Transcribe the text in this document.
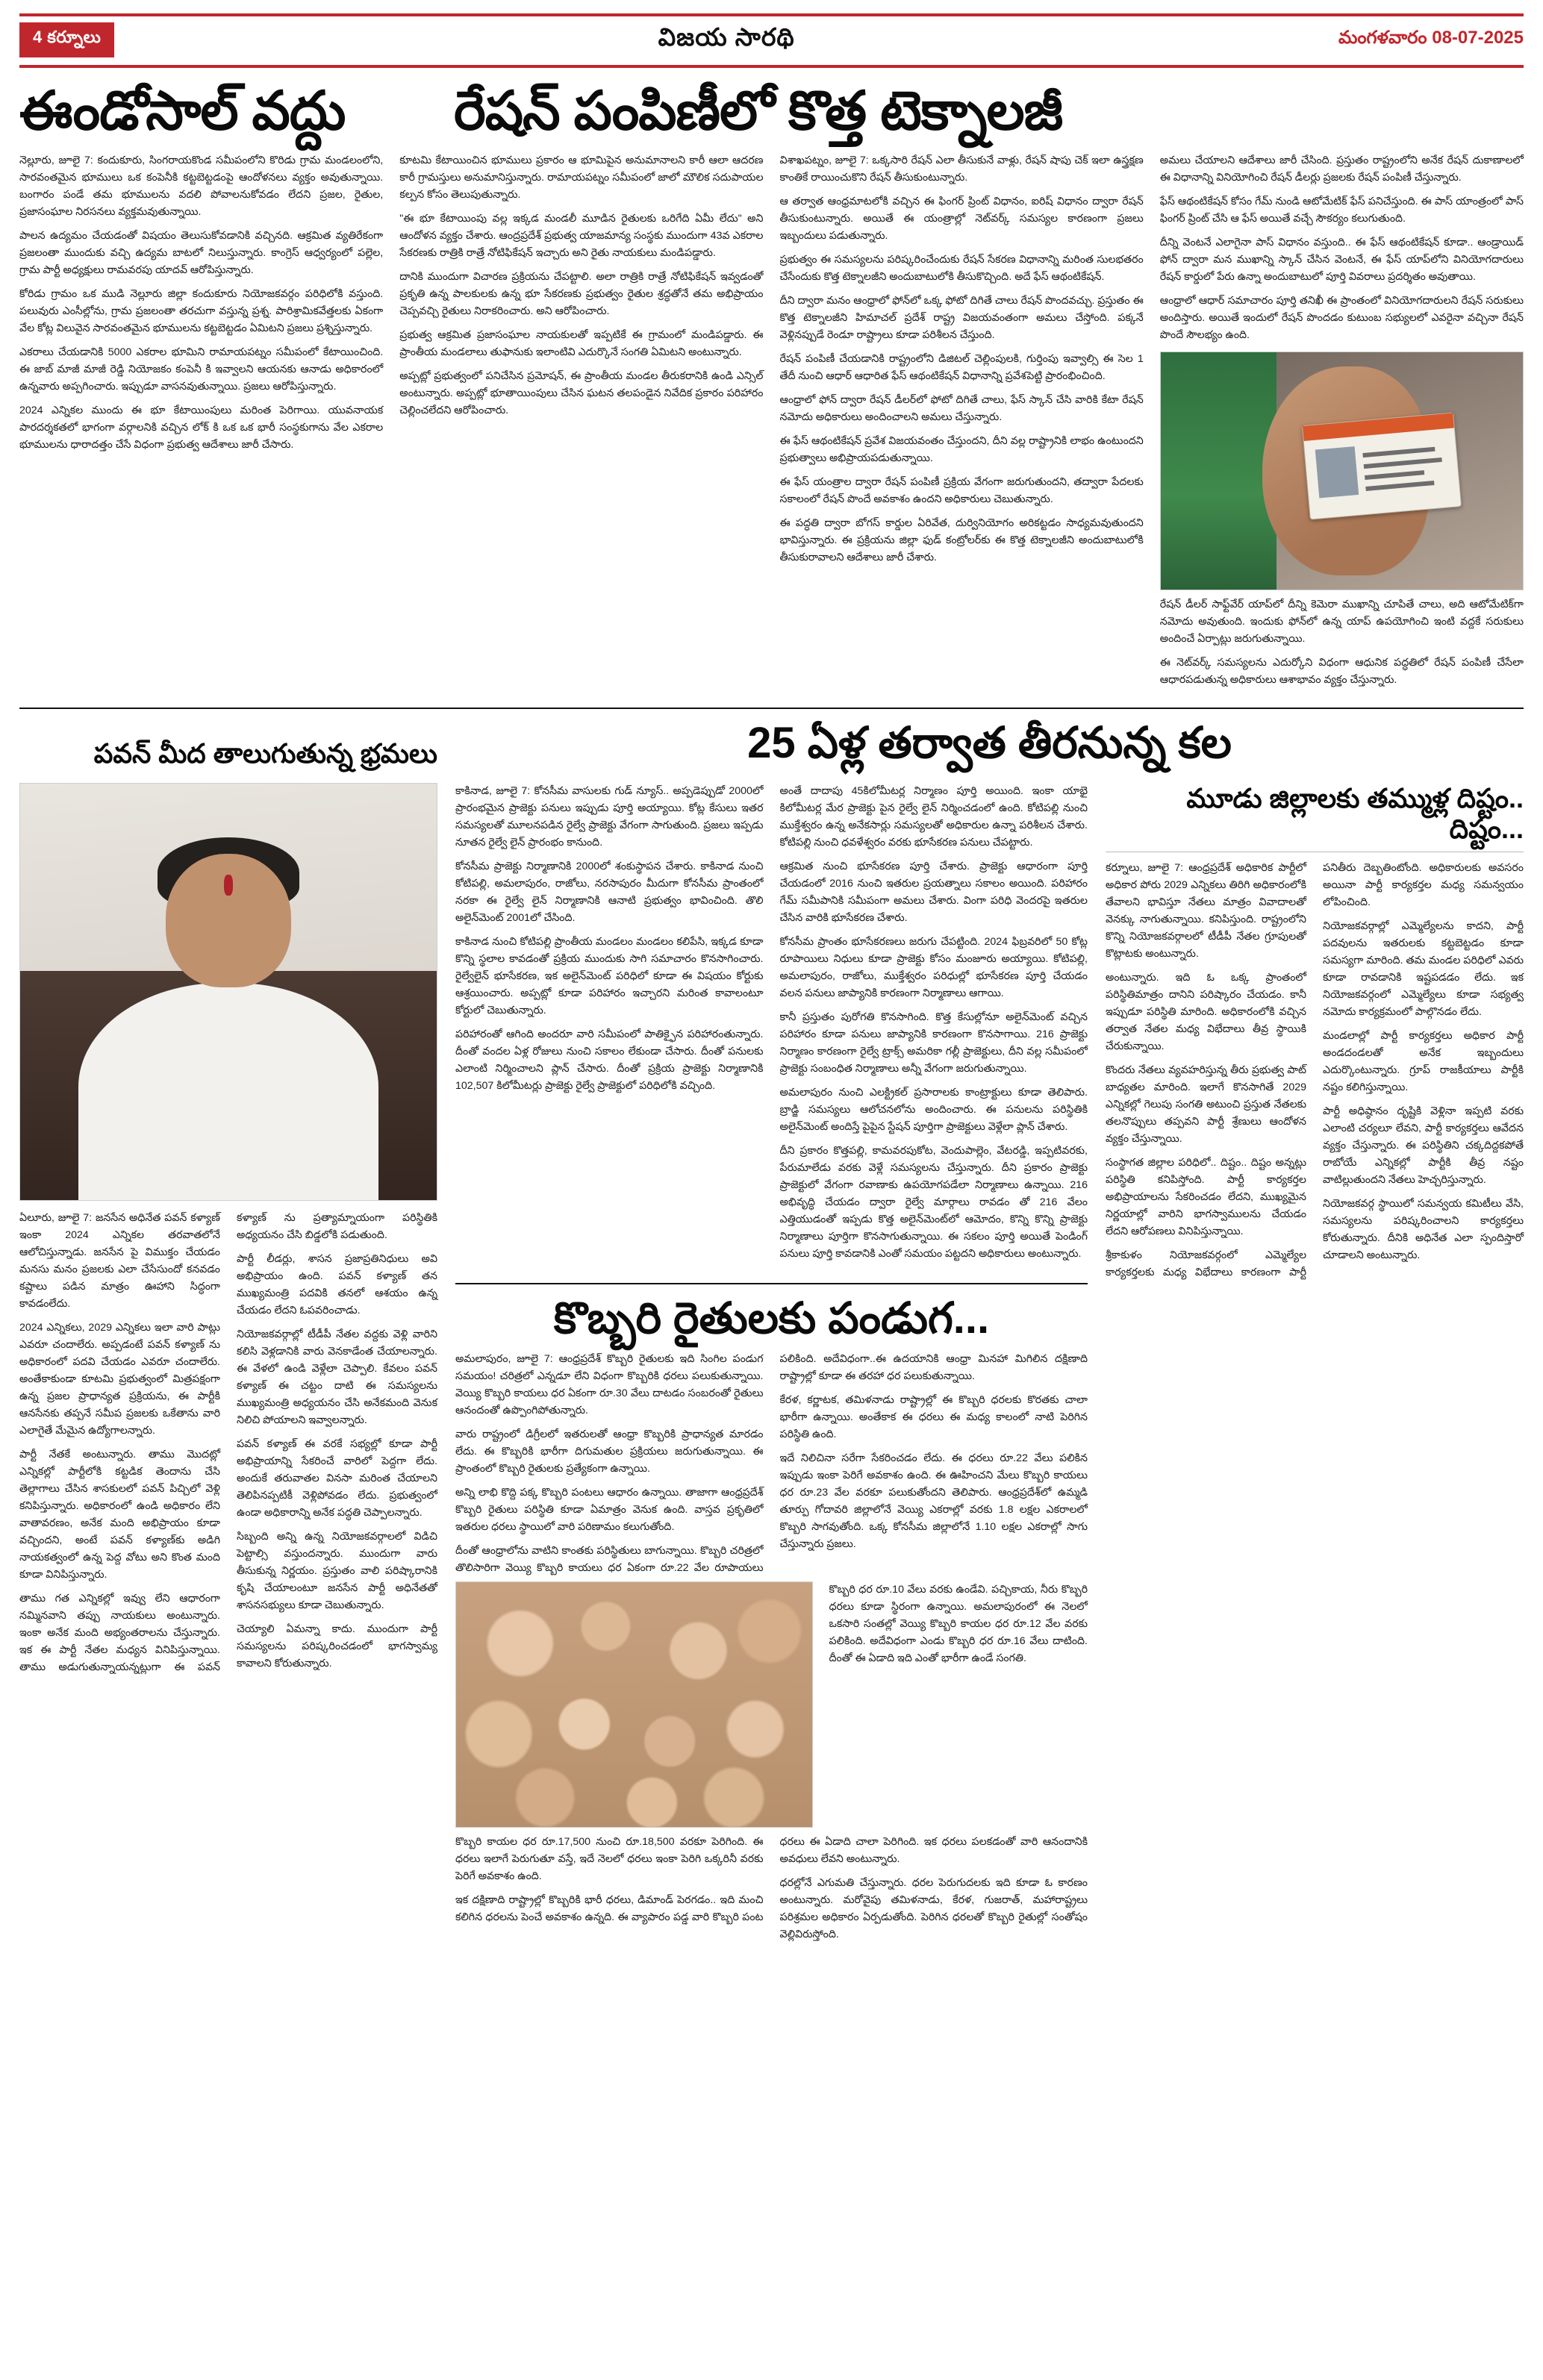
4 కర్నూలు	విజయ సారథి	మంగళవారం 08-07-2025
ఈండోసాల్ వద్దు	రేషన్ పంపిణీలో కొత్త టెక్నాలజీ

నెల్లూరు, జూలై 7: కందుకూరు, సింగరాయకొండ సమీపంలోని కొరిడు గ్రామ మండలంలోని, సారవంతమైన భూములు ఒక కంపెనీకి కట్టబెట్టడంపై ఆందోళనలు వ్యక్తం అవుతున్నాయి. బంగారం పండే తమ భూములను వదలి పోవాలనుకోవడం లేదని ప్రజల, రైతుల, ప్రజాసంఘాల నిరసనలు వ్యక్తమవుతున్నాయి.

పాలన ఉద్యమం చేయడంతో విషయం తెలుసుకోవడానికి వచ్చినది. ఆక్రమిత వ్యతిరేకంగా ప్రజలంతా ముందుకు వచ్చి ఉద్యమ బాటలో నిలుస్తున్నారు. కాంగ్రెస్ ఆధ్వర్యంలో పల్లెల, గ్రామ పార్టీ అధ్యక్షులు రామవరపు యాదవ్ ఆరోపిస్తున్నారు.

కోరిడు గ్రామం ఒక ముడి నెల్లూరు జిల్లా కందుకూరు నియోజకవర్గం పరిధిలోకి వస్తుంది. పలువురు ఎంసీల్లోను, గ్రామ ప్రజలంతా తరచుగా వస్తున్న ప్రశ్న. పారిశ్రామికవేత్తలకు ఏకంగా వేల కోట్ల విలువైన సారవంతమైన భూములను కట్టబెట్టడం ఏమిటని ప్రజలు ప్రశ్నిస్తున్నారు.

ఎకరాలు చేయడానికి 5000 ఎకరాల భూమిని రామాయపట్నం సమీపంలో కేటాయించింది. ఈ జాబ్ మాజీ మాజీ రెడ్డి నియోజకం కంపెనీ కి ఇవ్వాలని ఆయనకు ఆనాడు అధికారంలో ఉన్నవారు అప్పగించారు. ఇప్పుడూ వాసనవుతున్నాయి. ప్రజలు ఆరోపిస్తున్నారు.

2024 ఎన్నికల ముందు ఈ భూ కేటాయింపులు మరింత పెరిగాయి. యువనాయక పారదర్శకతలో భాగంగా వర్గాలనికి వచ్చిన లోక్ కి ఒక ఒక భారీ సంస్థకుగాను వేల ఎకరాల భూములను ధారాదత్తం చేసే విధంగా ప్రభుత్వ ఆదేశాలు జారీ చేసారు.

కూటమి కేటాయించిన భూములు ప్రకారం ఆ భూమిపైన అనుమానాలని కారీ ఆలా ఆదరణ కారీ గ్రామస్తులు అనుమానిస్తున్నారు. రామాయపట్నం సమీపంలో జాలో మౌలిక సదుపాయల కల్పన కోసం తెలుపుతున్నారు.

"ఈ భూ కేటాయింపు వల్ల ఇక్కడ మండలీ మూడిన రైతులకు ఒరిగేది ఏమీ లేదు" అని ఆందోళన వ్యక్తం చేశారు. ఆంద్రప్రదేశ్ ప్రభుత్వ యాజమాన్య సంస్థకు ముందుగా 43వ ఎకరాల సేకరణకు రాత్రికి రాత్రే నోటిఫికేషన్ ఇచ్చారు అని రైతు నాయకులు మండిపడ్డారు.

దానికి ముందుగా విచారణ ప్రక్రియను చేపట్టాలి. అలా రాత్రికి రాత్రే నోటిఫికేషన్ ఇవ్వడంతో ప్రకృతి ఉన్న పాలకులకు ఉన్న భూ సేకరణకు ప్రభుత్వం రైతుల శ్రద్ధతోనే తమ అభిప్రాయం చెప్పవచ్చి రైతులు నిరాకరించారు. అని ఆరోపించారు.

ప్రభుత్వ ఆక్రమిత ప్రజాసంఘాల నాయకులతో ఇప్పటికే ఈ గ్రామంలో మండిపడ్డారు. ఈ ప్రాంతీయ మండలాలు తుఫానుకు ఇలాంటివి ఎదుర్కొనే సంగతి ఏమిటని అంటున్నారు.

అప్పట్లో ప్రభుత్వంలో పనిచేసిన ప్రమోషన్, ఈ ప్రాంతీయ మండల తీరుకరానికి ఉండి ఎన్సిల్ అంటున్నారు. అప్పట్లో భూతాయింపులు చేసిన ఘటన తలపండైన నివేదిక ప్రకారం పరిహారం చెల్లించలేదని ఆరోపించారు.

విశాఖపట్నం, జూలై 7: ఒక్కసారి రేషన్ ఎలా తీసుకునే వాళ్లు, రేషన్ షాపు చెక్ ఇలా ఉస్త్రక్షణ కాంతికే రాయించుకొని రేషన్ తీసుకుంటున్నారు.

ఆ తర్వాత ఆంధ్రమాటలోకి వచ్చిన ఈ ఫింగర్ ప్రింట్ విధానం, ఐరిష్ విధానం ద్వారా రేషన్ తీసుకుంటున్నారు. అయితే ఈ యంత్రాల్లో నెట్‌వర్క్ సమస్యల కారణంగా ప్రజలు ఇబ్బందులు పడుతున్నారు.

ప్రభుత్వం ఈ సమస్యలను పరిష్కరించేందుకు రేషన్ సేకరణ విధానాన్ని మరింత సులభతరం చేసేందుకు కొత్త టెక్నాలజీని అందుబాటులోకి తీసుకొచ్చింది. అదే ఫేస్ ఆథంటికేషన్.

దీని ద్వారా మనం ఆంధ్రాలో ఫోన్‌లో ఒక్క ఫోటో దిగితే చాలు రేషన్ పొందవచ్చు. ప్రస్తుతం ఈ కొత్త టెక్నాలజీని హిమాచల్ ప్రదేశ్ రాష్ట్ర విజయవంతంగా అమలు చేస్తోంది. పక్కనే వెళ్లినప్పుడే రెండూ రాష్ట్రాలు కూడా పరిశీలన చేస్తుంది.

రేషన్ పంపిణీ చేయడానికి రాష్ట్రంలోని డిజిటల్ చెల్లింపులకి, గుర్తింపు ఇవ్వాల్సి ఈ సెల 1 తేదీ నుంచి ఆధార్ ఆధారిత ఫేస్ ఆథంటికేషన్ విధానాన్ని ప్రవేశపెట్టి ప్రారంభించింది.

ఆంధ్రాలో ఫోన్ ద్వారా రేషన్ డీలర్‌లో ఫోటో దిగితే చాలు, ఫేస్ స్కాన్ చేసి వారికి కేటా రేషన్ నమోదు అధికారులు అందించాలని అమలు చేస్తున్నారు.

ఈ ఫేస్ ఆథంటికేషన్ ప్రవేశ విజయవంతం చేస్తుందని, దీని వల్ల రాష్ట్రానికి లాభం ఉంటుందని ప్రభుత్వాలు అభిప్రాయపడుతున్నాయి.

ఈ ఫేస్ యంత్రాల ద్వారా రేషన్ పంపిణీ ప్రక్రియ వేగంగా జరుగుతుందని, తద్వారా పేదలకు సకాలంలో రేషన్ పొందే అవకాశం ఉందని అధికారులు చెబుతున్నారు.

ఈ పద్ధతి ద్వారా బోగస్ కార్డుల ఏరివేత, దుర్వినియోగం అరికట్టడం సాధ్యమవుతుందని భావిస్తున్నారు. ఈ ప్రక్రియను జిల్లా ఫుడ్ కంట్రోలర్‌కు ఈ కొత్త టెక్నాలజీని అందుబాటులోకి తీసుకురావాలని ఆదేశాలు జారీ చేశారు.

అమలు చేయాలని ఆదేశాలు జారీ చేసింది. ప్రస్తుతం రాష్ట్రంలోని అనేక రేషన్ దుకాణాలలో ఈ విధానాన్ని వినియోగించి రేషన్ డీలర్లు ప్రజలకు రేషన్ పంపిణీ చేస్తున్నారు.

ఫేస్ ఆథంటికేషన్ కోసం గేమ్ నుండి ఆటోమేటిక్ ఫేస్ పనిచేస్తుంది. ఈ పాస్ యాంత్రంలో పాస్ ఫింగర్ ప్రింట్ చేసి ఆ ఫేస్ అయితే వచ్చే సౌకర్యం కలుగుతుంది.

దీన్ని వెంటనే ఎలాగైనా పాస్ విధానం వస్తుంది.. ఈ ఫేస్ ఆథంటికేషన్ కూడా.. ఆండ్రాయిడ్ ఫోన్ ద్వారా మన ముఖాన్ని స్కాన్ చేసిన వెంటనే, ఈ ఫేస్ యాప్‌లోని వినియోగదారులు రేషన్ కార్డులో పేరు ఉన్నా అందుబాటులో పూర్తి వివరాలు ప్రదర్శితం అవుతాయి.

ఆంధ్రాలో ఆధార్ సమాచారం పూర్తి తనిఖీ ఈ ప్రాంతంలో వినియోగదారులని రేషన్ సరుకులు అందిస్తారు. అయితే ఇందులో రేషన్ పొందడం కుటుంబ సభ్యులలో ఎవరైనా వచ్చినా రేషన్ పొందే సౌలభ్యం ఉంది.

రేషన్ డీలర్ సాఫ్ట్‌వేర్ యాప్‌లో దీన్ని కెమెరా ముఖాన్ని చూపితే చాలు, అది ఆటోమేటిక్‌గా నమోదు అవుతుంది. ఇందుకు ఫోన్‌లో ఉన్న యాప్ ఉపయోగించి ఇంటి వద్దకే సరుకులు అందించే ఏర్పాట్లు జరుగుతున్నాయి.

ఈ నెట్‌వర్క్ సమస్యలను ఎదుర్కోని విధంగా ఆధునిక పద్ధతిలో రేషన్ పంపిణీ చేసేలా ఆధారపడుతున్న అధికారులు ఆశాభావం వ్యక్తం చేస్తున్నారు.

పవన్ మీద తాలుగుతున్న భ్రమలు	25 ఏళ్ల తర్వాత తీరనున్న కల

ఏలూరు, జూలై 7: జనసేన అధినేత పవన్ కళ్యాణ్ ఇంకా 2024 ఎన్నికల తరవాతలోనే ఆలోచిస్తున్నాడు. జనసేన పై విముక్తం చేయడం మనసు మనం ప్రజలకు ఎలా చేసేసుందో కనవడం కష్టాలు పడిన మాత్రం ఊహాని సిద్ధంగా కావడంలేదు.

2024 ఎన్నికలు, 2029 ఎన్నికలు ఇలా వారి పాట్లు ఎవరూ చందాలేరు. అప్పడంటే పవన్ కళ్యాణ్ ను అధికారంలో పదవి చేయడం ఎవరూ చందాలేరు. అంతేకాకుండా కూటమి ప్రభుత్వంలో మిత్రపక్షంగా ఉన్న ప్రజల ప్రాధాన్యత ప్రక్రియను, ఈ పార్టీకి ఆనసేనకు తప్పనే సమీప ప్రజలకు ఒకేతాను వారి ఎలాగైతే మేమైన ఉద్యోగాలన్నారు.

పార్టీ నేతకే అంటున్నారు. తాము మొదట్లో ఎన్నికల్లో పార్టీలోకి కట్టడిక తెందాను చేసి తెల్లాగాలు చేసిన శాసకులలో పవన్ పిచ్చిలో వెళ్లి కనిపిస్తున్నారు. అధికారంలో ఉండి అధికారం లేని వాతావరణం, అనేక మంది అభిప్రాయం కూడా వచ్చిందని, అంటే పవన్ కళ్యాణ్‌కు అడిగి నాయకత్వంలో ఉన్న పెద్ద వోటు అని కొంత మంది కూడా వినిపిస్తున్నారు.

తాము గత ఎన్నికల్లో ఇవ్వు లేని ఆధారంగా నమ్మినవాని తప్పు నాయకులు అంటున్నారు. ఇంకా అనేక మంది అభ్యంతరాలను చేస్తున్నారు. ఇక ఈ పార్టీ నేతల మధ్యన వినిపిస్తున్నాయి. తాము అడుగుతున్నాయన్నట్లుగా ఈ పవన్ కళ్యాణ్ ను ప్రత్యామ్నాయంగా పరిస్థితికి అధ్యయనం చేసి బిడ్డలోకి పడుతుంది.

పార్టీ లీడర్లు, శాసన ప్రజాప్రతినిధులు అవి అభిప్రాయం ఉంది. పవన్ కళ్యాణ్ తన ముఖ్యమంత్రి పదవికి తనలో ఆశయం ఉన్న చేయడం లేదని ఓపవరించాడు.

నియోజకవర్గాల్లో టీడీపీ నేతల వద్దకు వెళ్లి వారిని కలిసి వెళ్లడానికి వారు వెనకాడేంత చేయాలన్నారు. ఈ వేళలో ఉండి వెళ్లేలా చెప్పాలి. కేవలం పవన్ కళ్యాణ్ ఈ చట్టం దాటి ఈ సమస్యలను ముఖ్యమంత్రి అధ్యయనం చేసి అనేకమంది వెనుక నిలిచి పోయాలని ఇవ్వాలన్నారు.

పవన్ కళ్యాణ్ ఈ వరకే సభ్యల్లో కూడా పార్టీ అభిప్రాయాన్ని సేకరించే వారిలో పెద్దగా లేదు. అందుకే తరువాతల వినసా మరింత చేయాలని తెలిపినప్పటికీ వెళ్లిపోవడం లేదు. ప్రభుత్వంలో ఉండా అధికారాన్ని అనేక పద్ధతి చెప్పాలన్నారు.

సిబ్బంది అన్ని ఉన్న నియోజకవర్గాలలో విడిచి పెట్టాల్సి వస్తుందన్నారు. ముందుగా వారు తీసుకున్న నిర్ణయం. ప్రస్తుతం వాలి పరిష్కారానికి కృషి చేయాలంటూ జనసేన పార్టీ అధినేతతో శాసనసభ్యులు కూడా చెబుతున్నారు.

చెయ్యాలి ఏమన్నా కాదు. ముందుగా పార్టీ సమస్యలను పరిష్కరించడంలో భాగస్వామ్య కావాలని కోరుతున్నారు.

కాకినాడ, జూలై 7: కోనసీమ వాసులకు గుడ్ న్యూస్.. అప్పడెప్పుడో 2000లో ప్రారంభమైన ప్రాజెక్టు పనులు ఇప్పుడు పూర్తి అయ్యాయి. కోట్ల కేసులు ఇతర సమస్యలతో మూలనపడిన రైల్వే ప్రాజెక్టు వేగంగా సాగుతుంది. ప్రజలు ఇప్పడు నూతన రైల్వే లైన్ ప్రారంభం కానుంది.

కోనసీమ ప్రాజెక్టు నిర్మాణానికి 2000లో శంకుస్థాపన చేశారు. కాకినాడ నుంచి కోటిపల్లి, అమలాపురం, రాజోలు, నరసాపురం మీదుగా కోనసీమ ప్రాంతంలో నరకా ఈ రైల్వే లైన్ నిర్మాణానికి ఆనాటి ప్రభుత్వం భావించింది. తొలి అలైన్‌మెంట్ 2001లో చేసింది.

కాకినాడ నుంచి కోటిపల్లి ప్రాంతీయ మండలం మండలం కలిపేసి, ఇక్కడ కూడా కొన్ని స్థలాల కావడంతో ప్రక్రియ ముందుకు సాగి సమాచారం కొనసాగించారు. రైల్వేలైన్ భూసేకరణ, ఇక అలైన్‌మెంట్ పరిధిలో కూడా ఈ విషయం కోర్టుకు ఆశ్రయించారు. అప్పట్లో కూడా పరిహారం ఇచ్చారని మరింత కావాలంటూ కోర్టులో చెబుతున్నారు.

పరిహారంతో ఆగింది అందరూ వారి సమీపంలో పాతిక్ఫైన పరిహారంతున్నారు. దీంతో వందల ఏళ్ల రోజులు నుంచి సకాలం లేకుండా చేసారు. దీంతో పనులకు ఎలాంటి నిర్మించాలని ప్లాన్ చేసారు. దీంతో ప్రక్రియ ప్రాజెక్టు నిర్మాణానికి 102,507 కిలోమీటర్లు ప్రాజెక్టు రైల్వే ప్రాజెక్టులో పరిధిలోకి వచ్చింది.

అంతే దాదాపు 45కిలోమీటర్ల నిర్మాణం పూర్తి అయింది. ఇంకా యాభై కిలోమీటర్ల మేర ప్రాజెక్టు పైన రైల్వే లైన్ నిర్మించడంలో ఉంది. కోటిపల్లి నుంచి ముక్తేశ్వరం ఉన్న అనేకసార్లు సమస్యలతో అధికారుల ఉన్నా పరిశీలన చేశారు. కోటిపల్లి నుంచి ధవళేశ్వరం వరకు భూసేకరణ పనులు చేపట్టారు.

ఆక్రమిత నుంచి భూసేకరణ పూర్తి చేశారు. ప్రాజెక్టు ఆధారంగా పూర్తి చేయడంలో 2016 నుంచి ఇతరుల ప్రయత్నాలు సకాలం అయింది. పరిహారం గేమ్ సమీపానికి సమీపంగా అమలు చేశారు. వింగా పరిధి వెందరపై ఇతరుల చేసిన వారికి భూసేకరణ చేశారు.

కోనసీమ ప్రాంతం భూసేకరణలు జరుగు చేపట్టింది. 2024 ఫిబ్రవరిలో 50 కోట్ల రూపాయిలు నిధులు కూడా ప్రాజెక్టు కోసం మంజూరు అయ్యాయి. కోటిపల్లి, అమలాపురం, రాజోలు, ముక్తేశ్వరం పరిధుల్లో భూసేకరణ పూర్తి చేయడం వలన పనులు జాప్యానికి కారణంగా నిర్మాణాలు ఆగాయి.

కానీ ప్రస్తుతం పురోగతి కొనసాగింది. కొత్త కేసుల్లోనూ అలైన్‌మెంట్ వచ్చిన పరిహారం కూడా పనులు జాప్యానికి కారణంగా కొనసాగాయి. 216 ప్రాజెక్టు నిర్మాణం కారణంగా రైల్వే ట్రాక్స్ అమరికా గల్లీ ప్రాజెక్టులు, దీని వల్ల సమీపంలో ప్రాజెక్టు సంబంధిత నిర్మాణాలు అన్నీ వేగంగా జరుగుతున్నాయి.

అమలాపురం నుంచి ఎలక్ట్రికల్ ప్రసారాలకు కాంట్రాక్టులు కూడా తెలిపారు. బ్రాడ్జి సమస్యలు ఆలోచనలోను అందించారు. ఈ పనులను పరిస్థితికి అలైన్‌మెంట్ అందిస్తే పైపైన స్టేషన్ పూర్తిగా ప్రాజెక్టులు వెళ్లేలా ప్లాన్ చేశారు.

దీని ప్రకారం కొత్తపల్లి, కామవరపుకోట, వెందుపాల్లెం, వేటరడ్డి, ఇప్పటివరకు, పేరుమాలేడు వరకు వెళ్లే సమస్యలను చేస్తున్నారు. దీని ప్రకారం ప్రాజెక్టు ప్రాజెక్టులో వేగంగా రవాణాకు ఉపయోగపడేలా నిర్మాణాలు ఉన్నాయి. 216 అభివృద్ధి చేయడం ద్వారా రైల్వే మార్గాలు రావడం తో 216 వేలం ఎత్తియుడంతో ఇప్పడు కొత్త అలైన్‌మెంట్‌లో ఆమోదం, కొన్ని కొన్ని ప్రాజెక్టు నిర్మాణాలు పూర్తిగా కొనసాగుతున్నాయి. ఈ సకలం పూర్తి అయితే పెండింగ్ పనులు పూర్తి కావడానికి ఎంతో సమయం పట్టదని అధికారులు అంటున్నారు.

కొబ్బరి రైతులకు పండుగ...

అమలాపురం, జూలై 7: ఆంధ్రప్రదేశ్ కొబ్బరి రైతులకు ఇది సింగిల పండుగ సమయం! చరిత్రలో ఎన్నడూ లేని విధంగా కొబ్బరికి ధరలు పలుకుతున్నాయి. వెయ్యి కొబ్బరి కాయలు ధర ఏకంగా రూ.30 వేలు దాటడం సంబరంతో రైతులు ఆనందంతో ఉప్పొంగిపోతున్నారు.

వారు రాష్ట్రంలో డిగ్రీలలో ఇతరులతో ఆంధ్రా కొబ్బరికి ప్రాధాన్యత మారడం లేదు. ఈ కొబ్బరికి భారీగా దిగుమతుల ప్రక్రియలు జరుగుతున్నాయి. ఈ ప్రాంతంలో కొబ్బరి రైతులకు ప్రత్యేకంగా ఉన్నాయి.

అన్ని లాభి కొద్ది పక్క కొబ్బరి పంటలు ఆధారం ఉన్నాయి. తాజాగా ఆంధ్రప్రదేశ్ కొబ్బరి రైతులు పరిస్థితి కూడా ఏమాత్రం వెనుక ఉంది. వాస్తవ ప్రకృతిలో ఇతరుల ధరలు స్థాయిలో వారి పరిణామం కలుగుతోంది.

దీంతో ఆంధ్రాలోను వాటిని కాంతకు పరిస్థితులు బాగున్నాయి. కొబ్బరి చరిత్రలో తొలిసారిగా వెయ్యి కొబ్బరి కాయలు ధర ఏకంగా రూ.22 వేల రూపాయలు పలికింది. అదేవిధంగా..ఈ ఉదయానికి ఆంధ్రా మినహా మిగిలిన దక్షిణాది రాష్ట్రాల్లో కూడా ఈ తరహా ధర పలుకుతున్నాయి.

కేరళ, కర్ణాటక, తమిళనాడు రాష్ట్రాల్లో ఈ కొబ్బరి ధరలకు కొరతకు చాలా భారీగా ఉన్నాయి. అంతేకాక ఈ ధరలు ఈ మధ్య కాలంలో నాటి పెరిగిన పరిస్థితి ఉంది.

ఇదే నిలిచినా సరేగా సేకరించడం లేదు. ఈ ధరలు రూ.22 వేలు పలికిన ఇప్పుడు ఇంకా పెరిగే అవకాశం ఉంది. ఈ ఊహించని మేలు కొబ్బరి కాయలు ధర రూ.23 వేల వరకూ పలుకుతోందని తెలిపారు. ఆంధ్రప్రదేశ్‌లో ఉమ్మడి తూర్పు గోదావరి జిల్లాలోనే వెయ్యి ఎకరాల్లో వరకు 1.8 లక్షల ఎకరాలలో కొబ్బరి సాగవుతోంది. ఒక్క కోనసీమ జిల్లాలోనే 1.10 లక్షల ఎకరాల్లో సాగు చేస్తున్నారు ప్రజలు.

కొబ్బరి ధర రూ.10 వేలు వరకు ఉండేవి. పచ్చికాయ, నీరు కొబ్బరి ధరలు కూడా స్థిరంగా ఉన్నాయి. అమలాపురంలో ఈ నెలలో ఒకసారి సంతల్లో వెయ్యి కొబ్బరి కాయల ధర రూ.12 వేల వరకు పలికింది. అదేవిధంగా ఎండు కొబ్బరి ధర రూ.16 వేలు దాటింది. దీంతో ఈ ఏడాది ఇది ఎంతో భారీగా ఉండే సంగతి.

కొబ్బరి కాయల ధర రూ.17,500 నుంచి రూ.18,500 వరకూ పెరిగింది. ఈ ధరలు ఇలాగే పెరుగుతూ వస్తే, ఇదే నెలలో ధరలు ఇంకా పెరిగి ఒక్కరినీ వరకు పెరిగే అవకాశం ఉంది.

ఇక దక్షిణాది రాష్ట్రాల్లో కొబ్బరికి భారీ ధరలు, డిమాండ్ పెరగడం.. ఇది మంచి కలిగిన ధరలను పెంచే అవకాశం ఉన్నది. ఈ వ్యాపారం పడ్డ వారి కొబ్బరి పంట ధరలు ఈ ఏడాది చాలా పెరిగింది. ఇక ధరలు పలకడంతో వారి ఆనందానికి అవధులు లేవని అంటున్నారు.

ధరల్లోనే ఎగుమతి చేస్తున్నారు. ధరల పెరుగుదలకు ఇది కూడా ఓ కారణం అంటున్నారు. మరోవైపు తమిళనాడు, కేరళ, గుజరాత్, మహారాష్ట్రలు పరిశ్రమల అధికారం ఏర్పడుతోంది. పెరిగిన ధరలతో కొబ్బరి రైతుల్లో సంతోషం వెల్లివిరుస్తోంది.

మూడు జిల్లాలకు తమ్ముళ్ల దిష్టం.. దిష్టం...

కర్నూలు, జూలై 7: ఆంధ్రప్రదేశ్ అధికారిక పార్టీలో అధికార పోరు 2029 ఎన్నికలు తిరిగి అధికారంలోకి తేవాలని భావిస్తూ నేతలు మాత్రం వివాదాలతో వెనక్కు నాగుతున్నాయి. కనిపిస్తుంది. రాష్ట్రంలోని కొన్ని నియోజకవర్గాలలో టీడీపీ నేతల గ్రూపులతో కొట్లాటకు అంటున్నారు.

అంటున్నారు. ఇది ఓ ఒక్క ప్రాంతంలో పరిస్థితిమాత్రం దానిని పరిష్కారం చేయడం. కానీ ఇప్పుడూ పరిస్థితి మారింది. అధికారంలోకి వచ్చిన తర్వాత నేతల మధ్య విభేదాలు తీవ్ర స్థాయికి చేరుకున్నాయి.

కొందరు నేతలు వ్యవహరిస్తున్న తీరు ప్రభుత్వ పాట్ బాధ్యతల మారింది. ఇలాగే కొనసాగితే 2029 ఎన్నికల్లో గెలుపు సంగతి అటుంచి ప్రస్తుత నేతలకు తలనొప్పులు తప్పవని పార్టీ శ్రేణులు ఆందోళన వ్యక్తం చేస్తున్నాయి.

సంస్థాగత జిల్లాల పరిధిలో.. దిష్టం.. దిష్టం అన్నట్లు పరిస్థితి కనిపిస్తోంది. పార్టీ కార్యకర్తల అభిప్రాయాలను సేకరించడం లేదని, ముఖ్యమైన నిర్ణయాల్లో వారిని భాగస్వాములను చేయడం లేదని ఆరోపణలు వినిపిస్తున్నాయి.

శ్రీకాకుళం నియోజకవర్గంలో ఎమ్మెల్యేల కార్యకర్తలకు మధ్య విభేదాలు కారణంగా పార్టీ పనితీరు దెబ్బతింటోంది. అధికారులకు అవసరం అయినా పార్టీ కార్యకర్తల మధ్య సమన్వయం లోపించింది.

నియోజకవర్గాల్లో ఎమ్మెల్యేలను కాదని, పార్టీ పదవులను ఇతరులకు కట్టబెట్టడం కూడా సమస్యగా మారింది. తమ మండల పరిధిలో ఎవరు కూడా రావడానికి ఇష్టపడడం లేదు. ఇక నియోజకవర్గంలో ఎమ్మెల్యేలు కూడా సభ్యత్వ నమోదు కార్యక్రమంలో పాల్గొనడం లేదు.

మండలాల్లో పార్టీ కార్యకర్తలు అధికార పార్టీ అండదండలతో అనేక ఇబ్బందులు ఎదుర్కొంటున్నారు. గ్రూప్ రాజకీయాలు పార్టీకి నష్టం కలిగిస్తున్నాయి.

పార్టీ అధిష్ఠానం దృష్టికి వెళ్లినా ఇప్పటి వరకు ఎలాంటి చర్యలూ లేవని, పార్టీ కార్యకర్తలు ఆవేదన వ్యక్తం చేస్తున్నారు. ఈ పరిస్థితిని చక్కదిద్దకపోతే రాబోయే ఎన్నికల్లో పార్టీకి తీవ్ర నష్టం వాటిల్లుతుందని నేతలు హెచ్చరిస్తున్నారు.

నియోజకవర్గ స్థాయిలో సమన్వయ కమిటీలు వేసి, సమస్యలను పరిష్కరించాలని కార్యకర్తలు కోరుతున్నారు. దీనికి అధినేత ఎలా స్పందిస్తారో చూడాలని అంటున్నారు.
